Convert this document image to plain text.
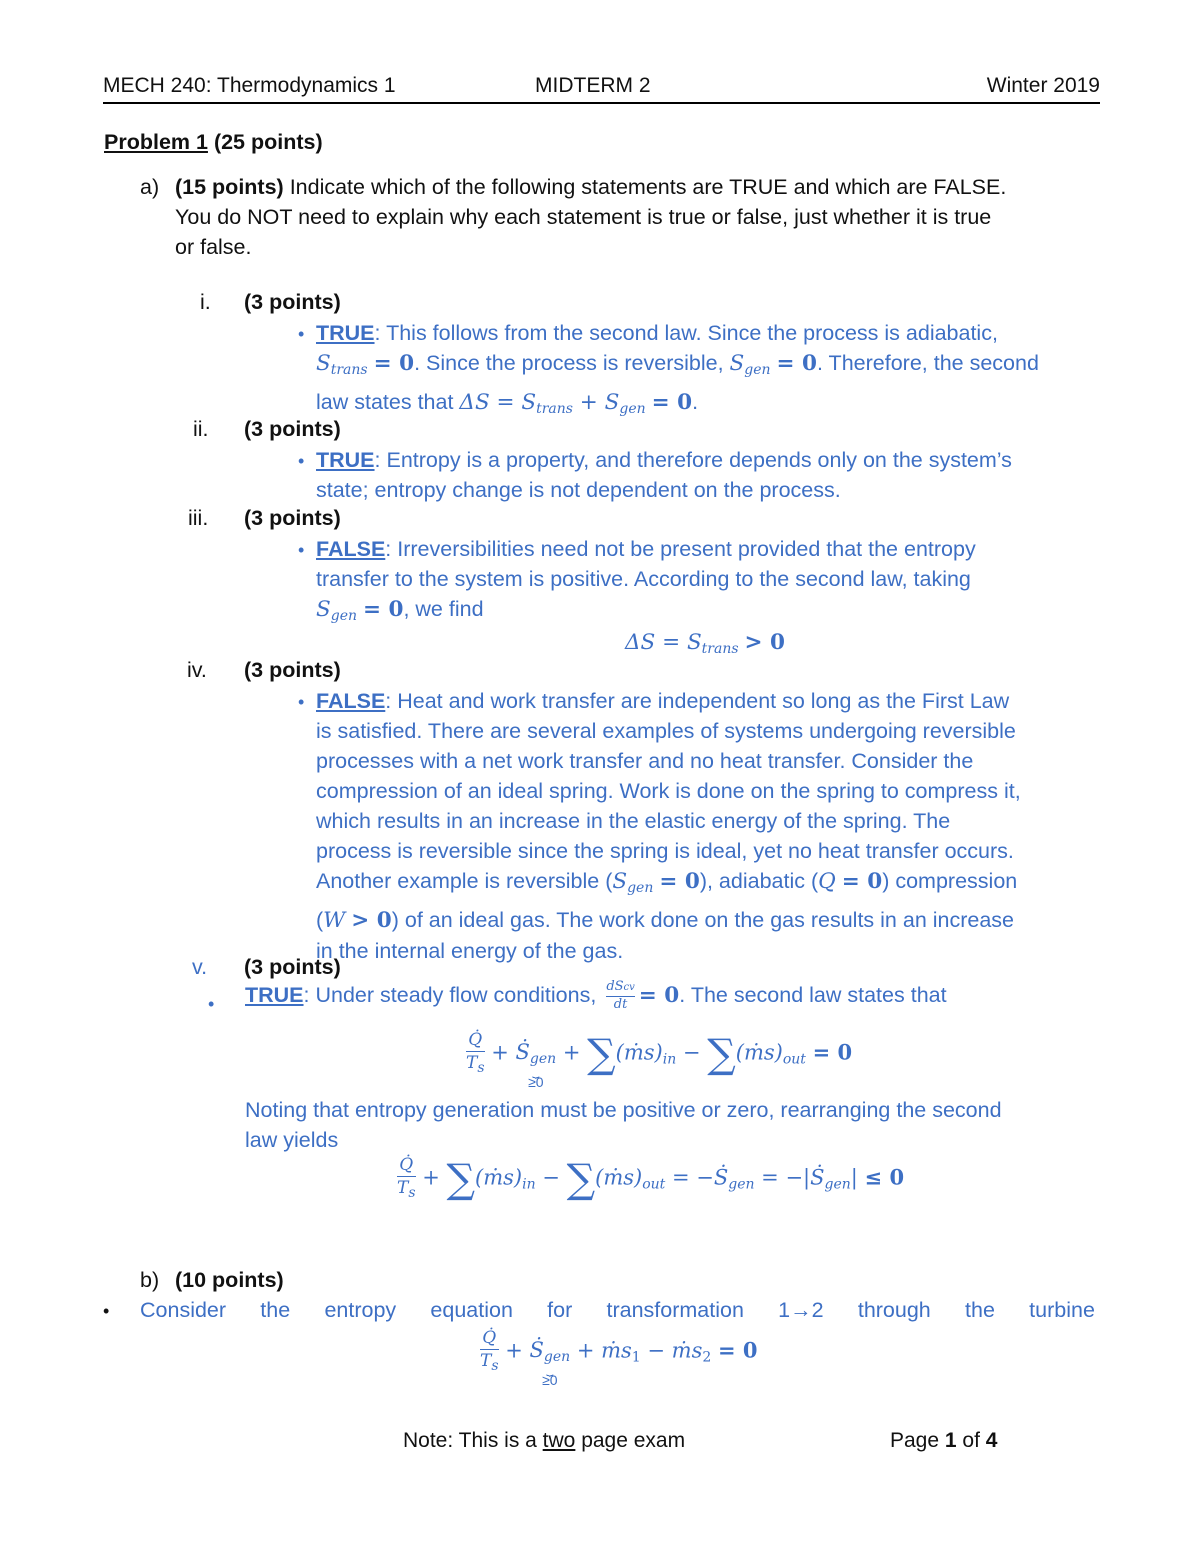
MECH 240: Thermodynamics 1	MIDTERM 2	Winter 2019
Problem 1 (25 points)
a) (15 points) Indicate which of the following statements are TRUE and which are FALSE.
You do NOT need to explain why each statement is true or false, just whether it is true
or false.
i. (3 points)
• TRUE: This follows from the second law. Since the process is adiabatic,
$S_{trans} = 0$. Since the process is reversible, $S_{gen} = 0$. Therefore, the second
law states that $\Delta S = S_{trans} + S_{gen} = 0$.
ii. (3 points)
• TRUE: Entropy is a property, and therefore depends only on the system’s
state; entropy change is not dependent on the process.
iii. (3 points)
• FALSE: Irreversibilities need not be present provided that the entropy
transfer to the system is positive. According to the second law, taking
$S_{gen} = 0$, we find
$\Delta S = S_{trans} > 0$
iv. (3 points)
• FALSE: Heat and work transfer are independent so long as the First Law
is satisfied. There are several examples of systems undergoing reversible
processes with a net work transfer and no heat transfer. Consider the
compression of an ideal spring. Work is done on the spring to compress it,
which results in an increase in the elastic energy of the spring. The
process is reversible since the spring is ideal, yet no heat transfer occurs.
Another example is reversible $(S_{gen} = 0)$, adiabatic (Q = 0) compression
(W > 0) of an ideal gas. The work done on the gas results in an increase
in the internal energy of the gas.
v. (3 points)
• TRUE: Under steady flow conditions, $\frac{\text{dScv}}{dt} = 0$. The second law states that
$\frac{Q̇}{T_s}$ + Ṡ$_{gen}$
⏟
≥0
+ $\sum(ṁs)_{in}$ − $\sum(ṁs)_{out} = 0$
Noting that entropy generation must be positive or zero, rearranging the second
law yields
$\frac{Q̇}{T_s}$ + $\sum(ṁs)_{in}$ − $\sum(ṁs)_{out}$ = −Ṡ$_{gen}$ = −|Ṡ$_{gen}$| ≤ 0
b) (10 points)
• Consider the entropy equation for transformation 1→2 through the turbine
$\frac{Q̇}{T_s}$ + Ṡ$_{gen}$
⏟
≥0
+ ṁs$_1$ − ṁs$_2$ = 0
Note: This is a two page exam	Page 1 of 4
